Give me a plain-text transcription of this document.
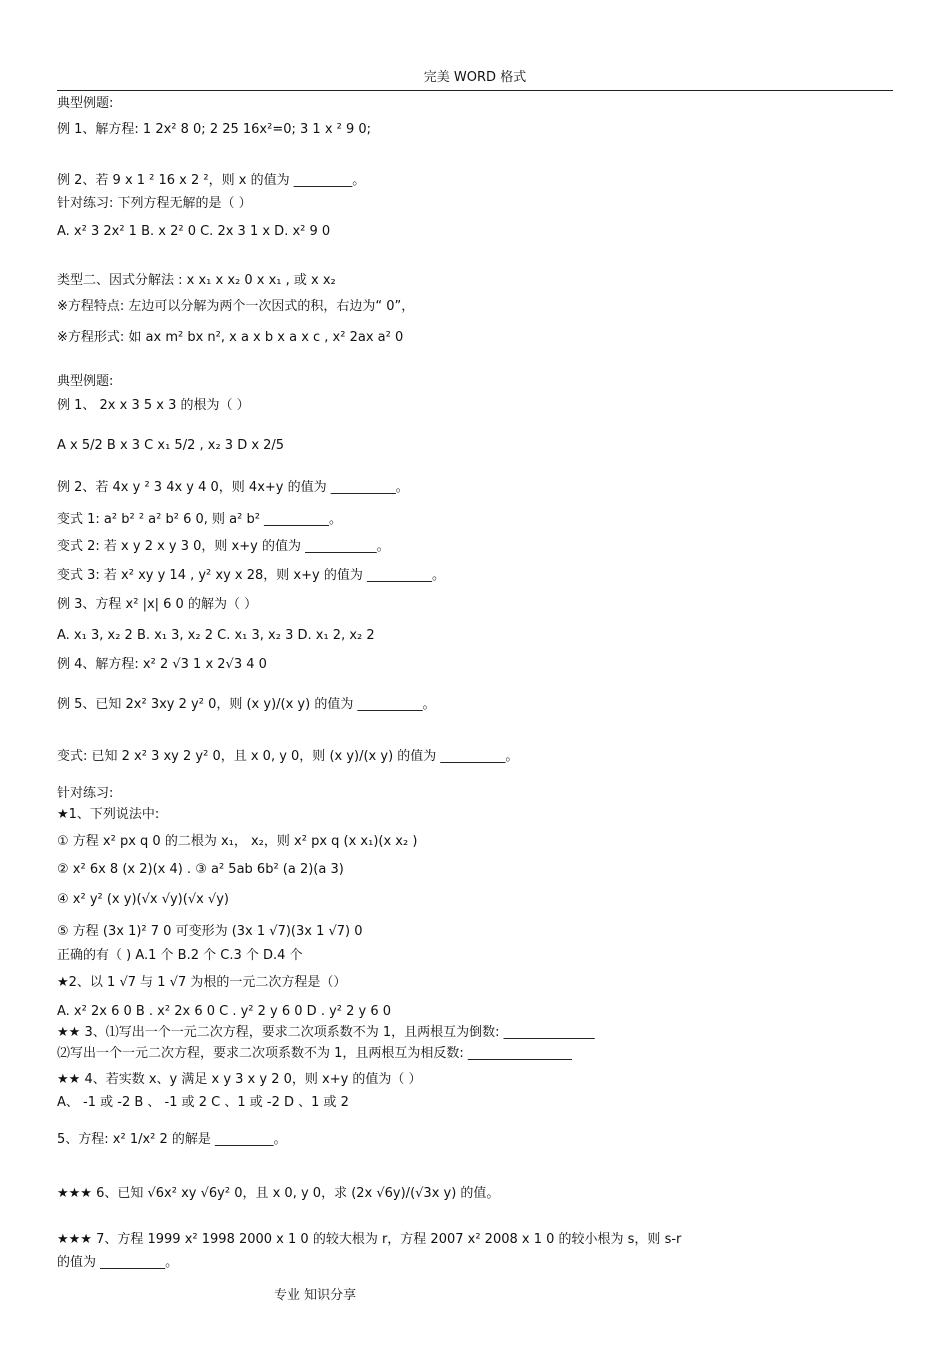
完美 WORD 格式
典型例题:
例 1、解方程: 1 2x² 8 0; 2 25 16x²=0; 3 1 x ² 9 0;
例 2、若 9 x 1 ² 16 x 2 ²，则 x 的值为 _________。
针对练习: 下列方程无解的是（ ）
A. x² 3 2x² 1 B. x 2² 0 C. 2x 3 1 x D. x² 9 0
类型二、因式分解法 : x x₁ x x₂ 0 x x₁ , 或 x x₂
※方程特点: 左边可以分解为两个一次因式的积，右边为“ 0”，
※方程形式: 如 ax m² bx n², x a x b x a x c , x² 2ax a² 0
典型例题:
例 1、 2x x 3 5 x 3 的根为（ ）
A x 5/2 B x 3 C x₁ 5/2 , x₂ 3 D x 2/5
例 2、若 4x y ² 3 4x y 4 0，则 4x+y 的值为 __________。
变式 1: a² b² ² a² b² 6 0, 则 a² b² __________。
变式 2: 若 x y 2 x y 3 0，则 x+y 的值为 ___________。
变式 3: 若 x² xy y 14 , y² xy x 28，则 x+y 的值为 __________。
例 3、方程 x² |x| 6 0 的解为（ ）
A. x₁ 3, x₂ 2 B. x₁ 3, x₂ 2 C. x₁ 3, x₂ 3 D. x₁ 2, x₂ 2
例 4、解方程: x² 2 √3 1 x 2√3 4 0
例 5、已知 2x² 3xy 2 y² 0，则 (x y)/(x y) 的值为 __________。
变式: 已知 2 x² 3 xy 2 y² 0，且 x 0, y 0，则 (x y)/(x y) 的值为 __________。
针对练习:
★1、下列说法中:
① 方程 x² px q 0 的二根为 x₁， x₂，则 x² px q (x x₁)(x x₂ )
② x² 6x 8 (x 2)(x 4) . ③ a² 5ab 6b² (a 2)(a 3)
④ x² y² (x y)(√x √y)(√x √y)
⑤ 方程 (3x 1)² 7 0 可变形为 (3x 1 √7)(3x 1 √7) 0
正确的有（ ) A.1 个 B.2 个 C.3 个 D.4 个
★2、以 1 √7 与 1 √7 为根的一元二次方程是（）
A. x² 2x 6 0 B . x² 2x 6 0 C . y² 2 y 6 0 D . y² 2 y 6 0
★★ 3、⑴写出一个一元二次方程，要求二次项系数不为 1，且两根互为倒数: ______________
⑵写出一个一元二次方程，要求二次项系数不为 1，且两根互为相反数: ________________
★★ 4、若实数 x、y 满足 x y 3 x y 2 0，则 x+y 的值为（ ）
A、 -1 或 -2 B 、 -1 或 2 C 、1 或 -2 D 、1 或 2
5、方程: x² 1/x² 2 的解是 _________。
★★★ 6、已知 √6x² xy √6y² 0，且 x 0, y 0，求 (2x √6y)/(√3x y) 的值。
★★★ 7、方程 1999 x² 1998 2000 x 1 0 的较大根为 r，方程 2007 x² 2008 x 1 0 的较小根为 s，则 s-r
的值为 __________。
专业 知识分享
